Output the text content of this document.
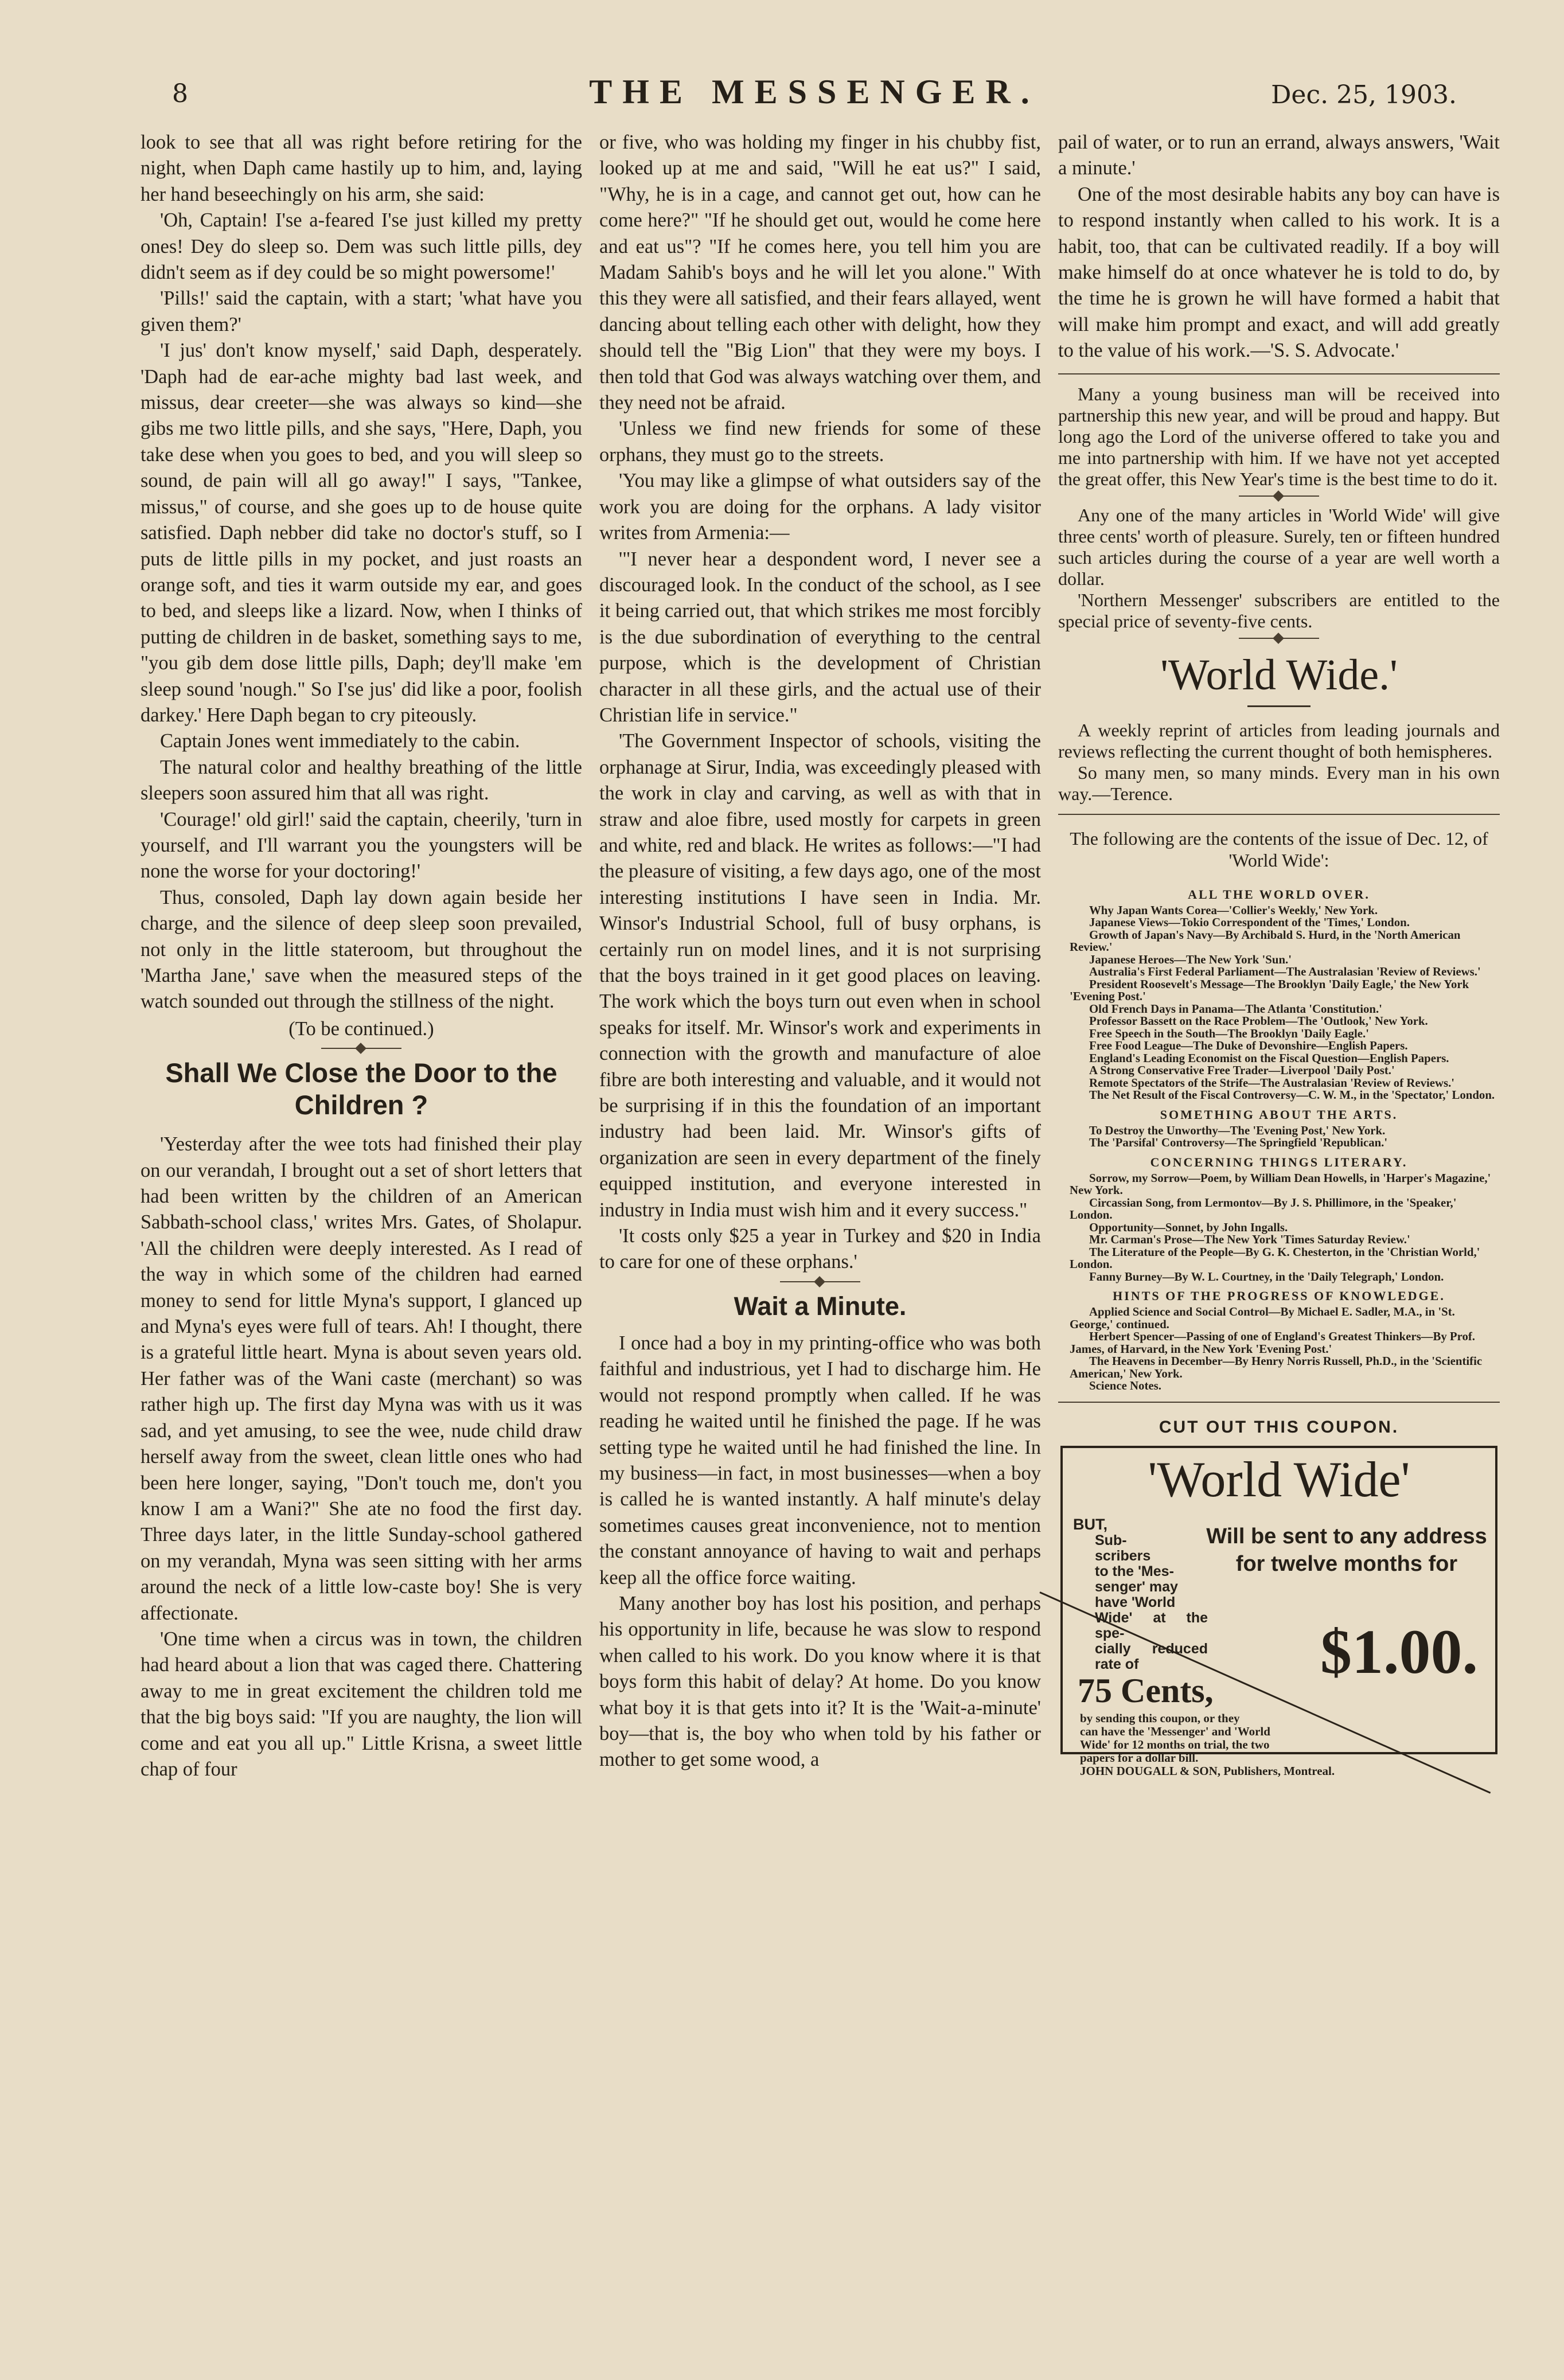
8	THE MESSENGER.	Dec. 25, 1903.

look to see that all was right before retiring for the night, when Daph came hastily up to him, and, laying her hand beseechingly on his arm, she said:

'Oh, Captain! I'se a-feared I'se just killed my pretty ones! Dey do sleep so. Dem was such little pills, dey didn't seem as if dey could be so might powersome!'

'Pills!' said the captain, with a start; 'what have you given them?'

'I jus' don't know myself,' said Daph, desperately. 'Daph had de ear-ache mighty bad last week, and missus, dear creeter—she was always so kind—she gibs me two little pills, and she says, "Here, Daph, you take dese when you goes to bed, and you will sleep so sound, de pain will all go away!" I says, "Tankee, missus," of course, and she goes up to de house quite satisfied. Daph nebber did take no doctor's stuff, so I puts de little pills in my pocket, and just roasts an orange soft, and ties it warm outside my ear, and goes to bed, and sleeps like a lizard. Now, when I thinks of putting de children in de basket, something says to me, "you gib dem dose little pills, Daph; dey'll make 'em sleep sound 'nough." So I'se jus' did like a poor, foolish darkey.' Here Daph began to cry piteously.

Captain Jones went immediately to the cabin.

The natural color and healthy breathing of the little sleepers soon assured him that all was right.

'Courage!' old girl!' said the captain, cheerily, 'turn in yourself, and I'll warrant you the youngsters will be none the worse for your doctoring!'

Thus, consoled, Daph lay down again beside her charge, and the silence of deep sleep soon prevailed, not only in the little stateroom, but throughout the 'Martha Jane,' save when the measured steps of the watch sounded out through the stillness of the night.

(To be continued.)
Shall We Close the Door to the Children ?

'Yesterday after the wee tots had finished their play on our verandah, I brought out a set of short letters that had been written by the children of an American Sabbath-school class,' writes Mrs. Gates, of Sholapur. 'All the children were deeply interested. As I read of the way in which some of the children had earned money to send for little Myna's support, I glanced up and Myna's eyes were full of tears. Ah! I thought, there is a grateful little heart. Myna is about seven years old. Her father was of the Wani caste (merchant) so was rather high up. The first day Myna was with us it was sad, and yet amusing, to see the wee, nude child draw herself away from the sweet, clean little ones who had been here longer, saying, "Don't touch me, don't you know I am a Wani?" She ate no food the first day. Three days later, in the little Sunday-school gathered on my verandah, Myna was seen sitting with her arms around the neck of a little low-caste boy! She is very affectionate.

'One time when a circus was in town, the children had heard about a lion that was caged there. Chattering away to me in great excitement the children told me that the big boys said: "If you are naughty, the lion will come and eat you all up." Little Krisna, a sweet little chap of four

or five, who was holding my finger in his chubby fist, looked up at me and said, "Will he eat us?" I said, "Why, he is in a cage, and cannot get out, how can he come here?" "If he should get out, would he come here and eat us"? "If he comes here, you tell him you are Madam Sahib's boys and he will let you alone." With this they were all satisfied, and their fears allayed, went dancing about telling each other with delight, how they should tell the "Big Lion" that they were my boys. I then told that God was always watching over them, and they need not be afraid.

'Unless we find new friends for some of these orphans, they must go to the streets.

'You may like a glimpse of what outsiders say of the work you are doing for the orphans. A lady visitor writes from Armenia:—

'"I never hear a despondent word, I never see a discouraged look. In the conduct of the school, as I see it being carried out, that which strikes me most forcibly is the due subordination of everything to the central purpose, which is the development of Christian character in all these girls, and the actual use of their Christian life in service."

'The Government Inspector of schools, visiting the orphanage at Sirur, India, was exceedingly pleased with the work in clay and carving, as well as with that in straw and aloe fibre, used mostly for carpets in green and white, red and black. He writes as follows:—"I had the pleasure of visiting, a few days ago, one of the most interesting institutions I have seen in India. Mr. Winsor's Industrial School, full of busy orphans, is certainly run on model lines, and it is not surprising that the boys trained in it get good places on leaving. The work which the boys turn out even when in school speaks for itself. Mr. Winsor's work and experiments in connection with the growth and manufacture of aloe fibre are both interesting and valuable, and it would not be surprising if in this the foundation of an important industry had been laid. Mr. Winsor's gifts of organization are seen in every department of the finely equipped institution, and everyone interested in industry in India must wish him and it every success."

'It costs only $25 a year in Turkey and $20 in India to care for one of these orphans.'

Wait a Minute.

I once had a boy in my printing-office who was both faithful and industrious, yet I had to discharge him. He would not respond promptly when called. If he was reading he waited until he finished the page. If he was setting type he waited until he had finished the line. In my business—in fact, in most businesses—when a boy is called he is wanted instantly. A half minute's delay sometimes causes great inconvenience, not to mention the constant annoyance of having to wait and perhaps keep all the office force waiting.

Many another boy has lost his position, and perhaps his opportunity in life, because he was slow to respond when called to his work. Do you know where it is that boys form this habit of delay? At home. Do you know what boy it is that gets into it? It is the 'Wait-a-minute' boy—that is, the boy who when told by his father or mother to get some wood, a

pail of water, or to run an errand, always answers, 'Wait a minute.'

One of the most desirable habits any boy can have is to respond instantly when called to his work. It is a habit, too, that can be cultivated readily. If a boy will make himself do at once whatever he is told to do, by the time he is grown he will have formed a habit that will make him prompt and exact, and will add greatly to the value of his work.—'S. S. Advocate.'

Many a young business man will be received into partnership this new year, and will be proud and happy. But long ago the Lord of the universe offered to take you and me into partnership with him. If we have not yet accepted the great offer, this New Year's time is the best time to do it.

Any one of the many articles in 'World Wide' will give three cents' worth of pleasure. Surely, ten or fifteen hundred such articles during the course of a year are well worth a dollar.

'Northern Messenger' subscribers are entitled to the special price of seventy-five cents.

'World Wide.'

A weekly reprint of articles from leading journals and reviews reflecting the current thought of both hemispheres.

So many men, so many minds. Every man in his own way.—Terence.

The following are the contents of the issue of Dec. 12, of 'World Wide':
ALL THE WORLD OVER.

Why Japan Wants Corea—'Collier's Weekly,' New York.

Japanese Views—Tokio Correspondent of the 'Times,' London.

Growth of Japan's Navy—By Archibald S. Hurd, in the 'North American Review.'

Japanese Heroes—The New York 'Sun.'

Australia's First Federal Parliament—The Australasian 'Review of Reviews.'

President Roosevelt's Message—The Brooklyn 'Daily Eagle,' the New York 'Evening Post.'

Old French Days in Panama—The Atlanta 'Constitution.'

Professor Bassett on the Race Problem—The 'Outlook,' New York.

Free Speech in the South—The Brooklyn 'Daily Eagle.'

Free Food League—The Duke of Devonshire—English Papers.

England's Leading Economist on the Fiscal Question—English Papers.

A Strong Conservative Free Trader—Liverpool 'Daily Post.'

Remote Spectators of the Strife—The Australasian 'Review of Reviews.'

The Net Result of the Fiscal Controversy—C. W. M., in the 'Spectator,' London.

SOMETHING ABOUT THE ARTS.

To Destroy the Unworthy—The 'Evening Post,' New York.

The 'Parsifal' Controversy—The Springfield 'Republican.'

CONCERNING THINGS LITERARY.

Sorrow, my Sorrow—Poem, by William Dean Howells, in 'Harper's Magazine,' New York.

Circassian Song, from Lermontov—By J. S. Phillimore, in the 'Speaker,' London.

Opportunity—Sonnet, by John Ingalls.

Mr. Carman's Prose—The New York 'Times Saturday Review.'

The Literature of the People—By G. K. Chesterton, in the 'Christian World,' London.

Fanny Burney—By W. L. Courtney, in the 'Daily Telegraph,' London.

HINTS OF THE PROGRESS OF KNOWLEDGE.

Applied Science and Social Control—By Michael E. Sadler, M.A., in 'St. George,' continued.

Herbert Spencer—Passing of one of England's Greatest Thinkers—By Prof. James, of Harvard, in the New York 'Evening Post.'

The Heavens in December—By Henry Norris Russell, Ph.D., in the 'Scientific American,' New York.

Science Notes.

CUT OUT THIS COUPON.
'World Wide'
BUT,
Sub-
scribers
to the 'Mes-
senger' may
have 'World
Wide' at the spe-
cially reduced rate of
Will be sent to any address for twelve months for
$1.00.
75 Cents,
by sending this coupon, or they
can have the 'Messenger' and 'World
Wide' for 12 months on trial, the two
papers for a dollar bill.
JOHN DOUGALL & SON, Publishers, Montreal.
